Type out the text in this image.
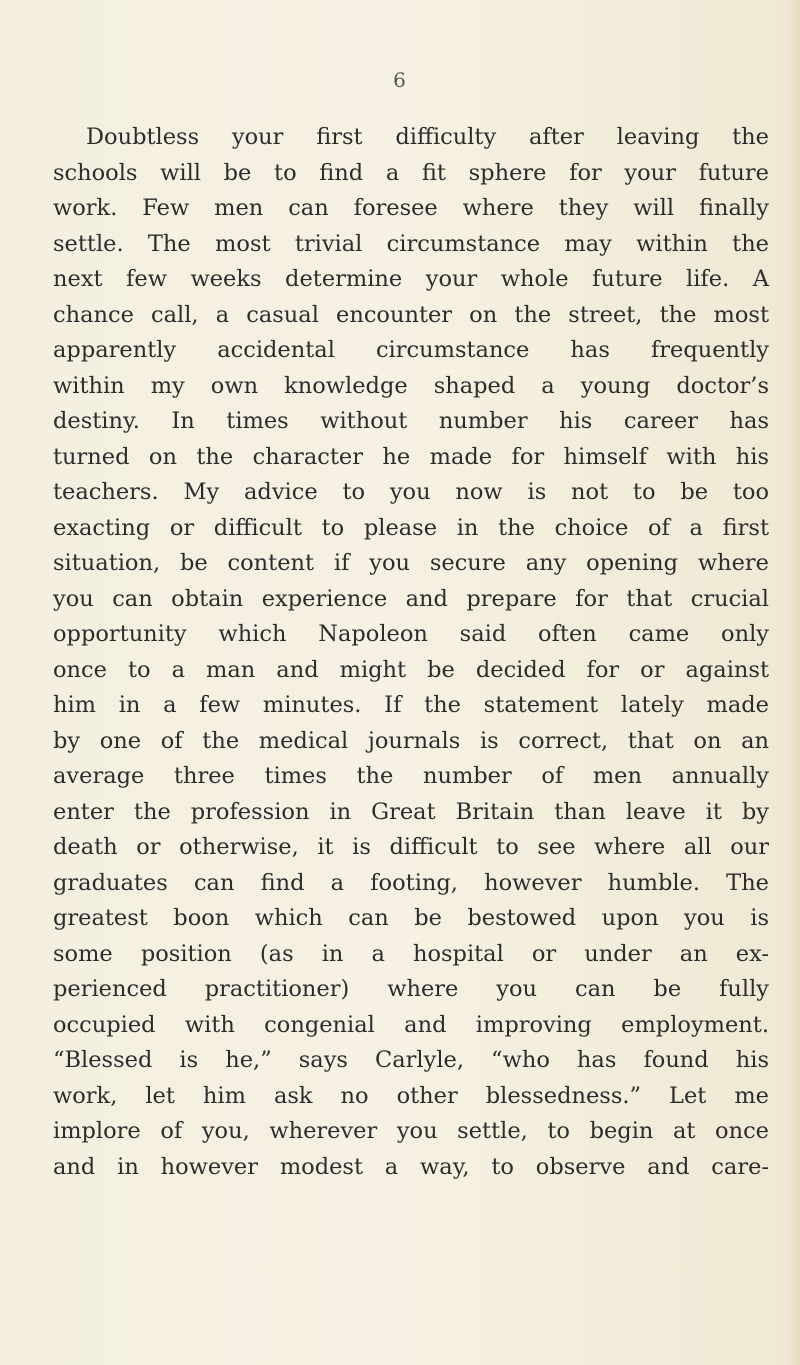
6
Doubtless your first difficulty after leaving the
schools will be to find a fit sphere for your future
work. Few men can foresee where they will finally
settle. The most trivial circumstance may within the
next few weeks determine your whole future life. A
chance call, a casual encounter on the street, the most
apparently accidental circumstance has frequently
within my own knowledge shaped a young doctor’s
destiny. In times without number his career has
turned on the character he made for himself with his
teachers. My advice to you now is not to be too
exacting or difficult to please in the choice of a first
situation, be content if you secure any opening where
you can obtain experience and prepare for that crucial
opportunity which Napoleon said often came only
once to a man and might be decided for or against
him in a few minutes. If the statement lately made
by one of the medical journals is correct, that on an
average three times the number of men annually
enter the profession in Great Britain than leave it by
death or otherwise, it is difficult to see where all our
graduates can find a footing, however humble. The
greatest boon which can be bestowed upon you is
some position (as in a hospital or under an ex-
perienced practitioner) where you can be fully
occupied with congenial and improving employment.
“Blessed is he,” says Carlyle, “who has found his
work, let him ask no other blessedness.” Let me
implore of you, wherever you settle, to begin at once
and in however modest a way, to observe and care-
